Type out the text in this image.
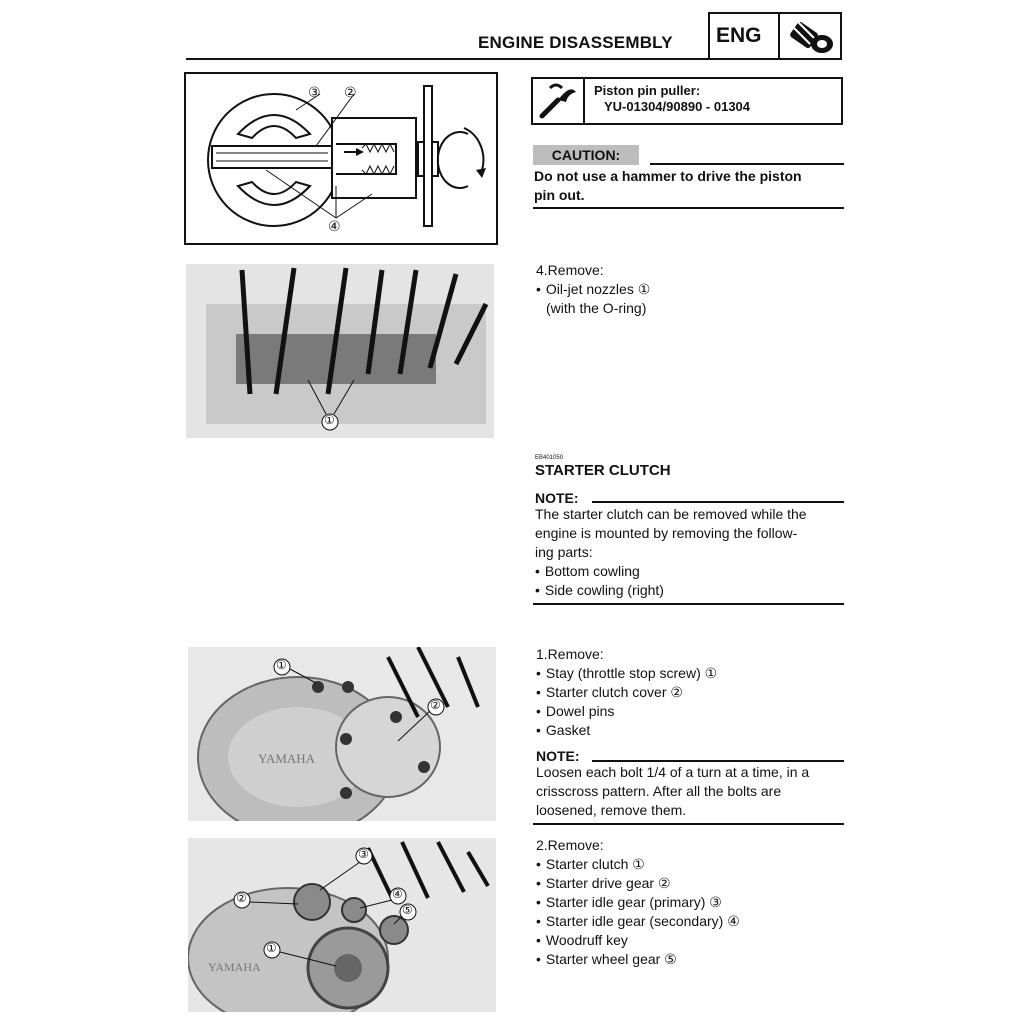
ENGINE DISASSEMBLY ENG
③ ②
④
Piston pin puller:
YU-01304/90890 - 01304
CAUTION:
Do not use a hammer to drive the piston
pin out.
①
4.Remove:
• Oil-jet nozzles ①
(with the O-ring)
EB401050
STARTER CLUTCH
NOTE:
The starter clutch can be removed while the
engine is mounted by removing the follow-
ing parts:
• Bottom cowling
• Side cowling (right)
①
②
YAMAHA
1.Remove:
• Stay (throttle stop screw) ①
• Starter clutch cover ②
• Dowel pins
• Gasket
NOTE:
Loosen each bolt 1/4 of a turn at a time, in a
crisscross pattern. After all the bolts are
loosened, remove them.
①
②
③
④
⑤
YAMAHA
2.Remove:
• Starter clutch ①
• Starter drive gear ②
• Starter idle gear (primary) ③
• Starter idle gear (secondary) ④
• Woodruff key
• Starter wheel gear ⑤
